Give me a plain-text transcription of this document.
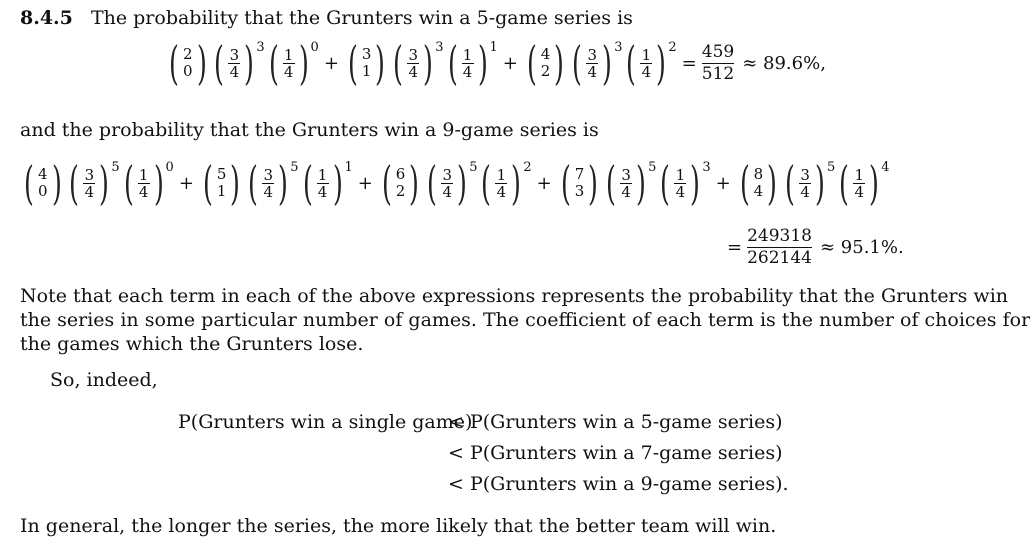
8.4.5 The probability that the Grunters win a 5-game series is
( 2
0 ) ( $\frac{3}{4}$ ) 3 ( $\frac{1}{4}$ ) 0
+ ( 3
1 ) ( $\frac{3}{4}$ ) 3 ( $\frac{1}{4}$ ) 1
+ ( 4
2 ) ( $\frac{3}{4}$ ) 3 ( $\frac{1}{4}$ ) 2
=
459
512 ≈ 89.6%,
and the probability that the Grunters win a 9-game series is
( 4
0 ) ( $\frac{3}{4}$ ) 5 ( $\frac{1}{4}$ ) 0
+ ( 5
1 ) ( $\frac{3}{4}$ ) 5 ( $\frac{1}{4}$ ) 1
+ ( 6
2 ) ( $\frac{3}{4}$ ) 5 ( $\frac{1}{4}$ ) 2
+ ( 7
3 ) ( $\frac{3}{4}$ ) 5 ( $\frac{1}{4}$ ) 3
+ ( 8
4 ) ( $\frac{3}{4}$ ) 5 ( $\frac{1}{4}$ ) 4
=
249318
262144 ≈ 95.1%.
Note that each term in each of the above expressions represents the probability that the Grunters win
the series in some particular number of games. The coefficient of each term is the number of choices for
the games which the Grunters lose.
So, indeed,
P(Grunters win a single game)
< P(Grunters win a 5-game series)
< P(Grunters win a 7-game series)
< P(Grunters win a 9-game series).
In general, the longer the series, the more likely that the better team will win.
